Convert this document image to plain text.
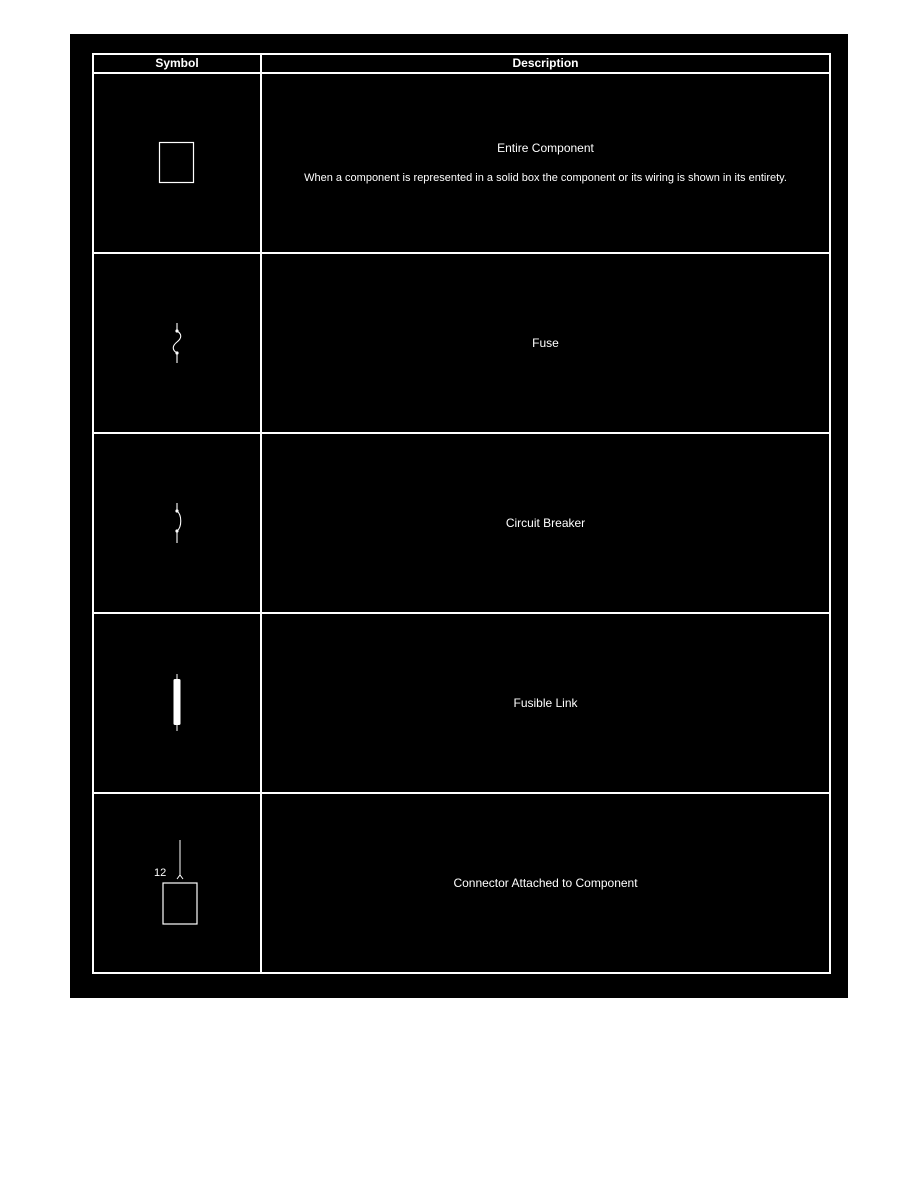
Symbol	Description

Entire Component
When a component is represented in a solid box the component or its wiring is shown in its entirety.

Fuse

Circuit Breaker

Fusible Link

12	Connector Attached to Component
